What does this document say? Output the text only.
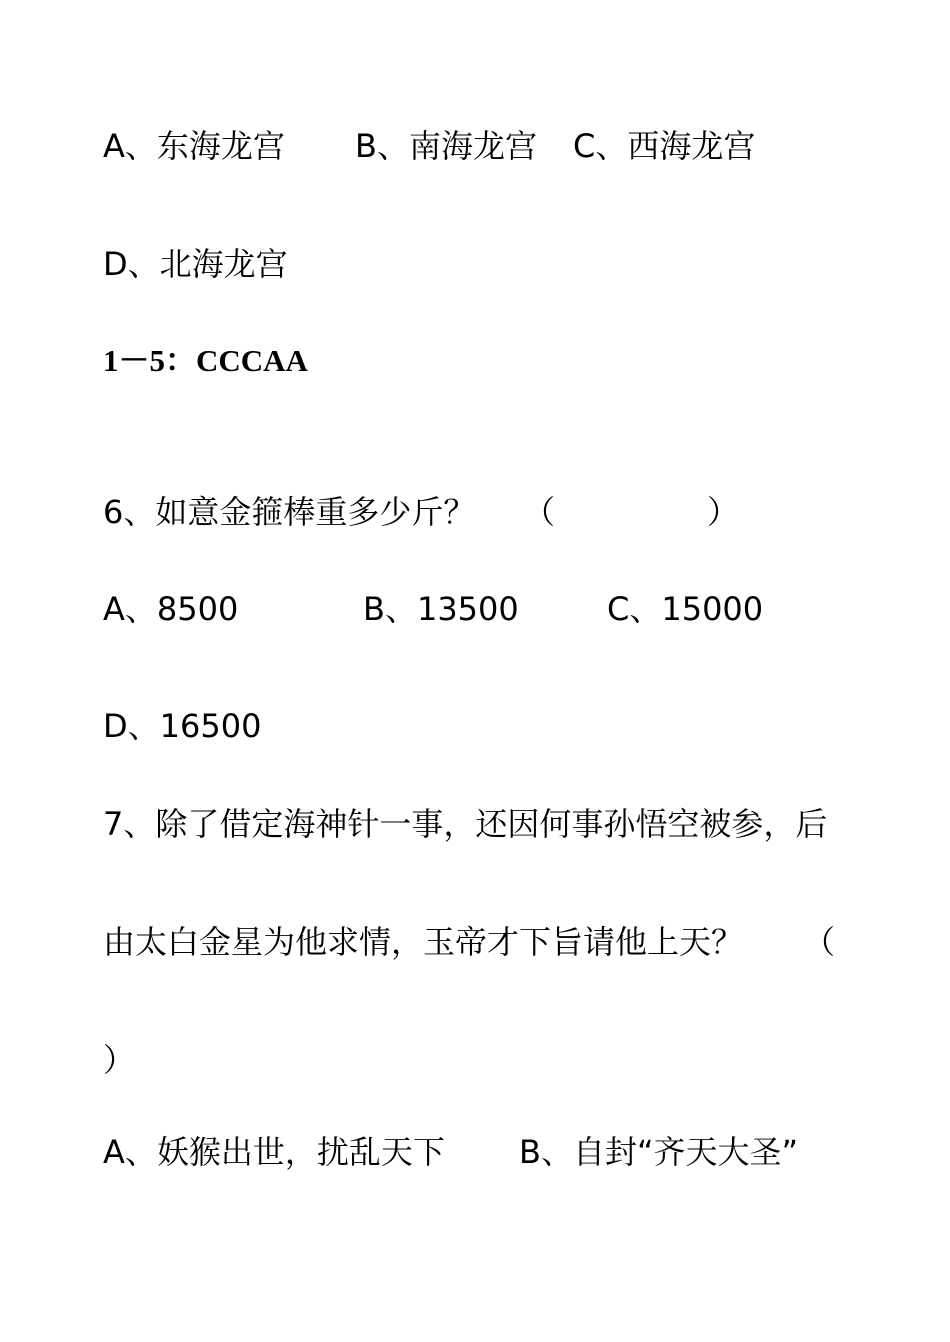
A、东海龙宫 B、南海龙宫 C、西海龙宫
D、北海龙宫
1－5：CCCAA
6、如意金箍棒重多少斤？ （	）
A、8500	B、13500	C、15000
D、16500
7、除了借定海神针一事，还因何事孙悟空被参，后
由太白金星为他求情，玉帝才下旨请他上天？ （
）
A、妖猴出世，扰乱天下 B、自封“齐天大圣”
